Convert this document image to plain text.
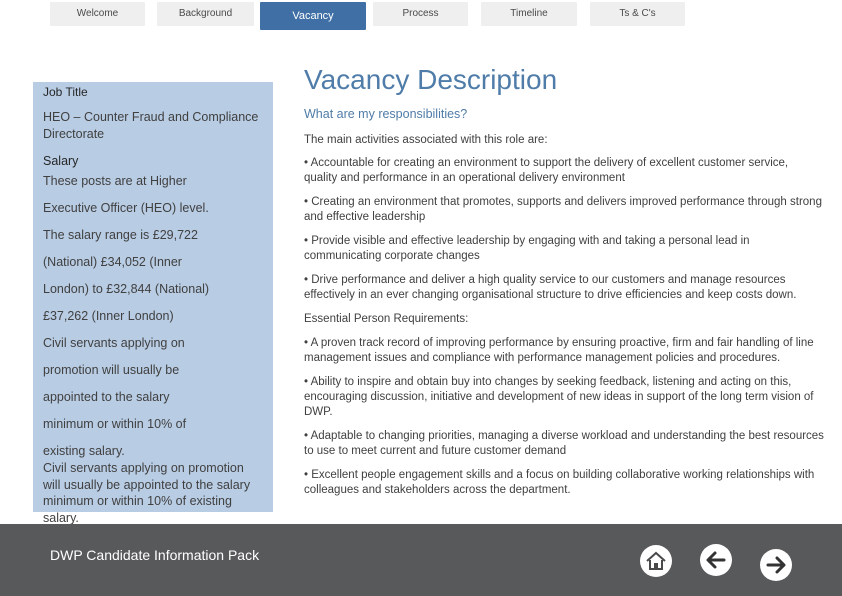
Welcome	Background	Vacancy	Process	Timeline	Ts & C's
Job Title
HEO – Counter Fraud and Compliance Directorate
Salary
These posts are at Higher
Executive Officer (HEO) level.
The salary range is £29,722
(National) £34,052 (Inner
London) to £32,844 (National)
£37,262 (Inner London)
Civil servants applying on
promotion will usually be
appointed to the salary
minimum or within 10% of
existing salary.
Civil servants applying on promotion will usually be appointed to the salary minimum or within 10% of existing salary.
Vacancy Description
What are my responsibilities?
The main activities associated with this role are:
• Accountable for creating an environment to support the delivery of excellent customer service, quality and performance in an operational delivery environment
• Creating an environment that promotes, supports and delivers improved performance through strong and effective leadership
• Provide visible and effective leadership by engaging with and taking a personal lead in communicating corporate changes
• Drive performance and deliver a high quality service to our customers and manage resources effectively in an ever changing organisational structure to drive efficiencies and keep costs down.
Essential Person Requirements:
• A proven track record of improving performance by ensuring proactive, firm and fair handling of line management issues and compliance with performance management policies and procedures.
• Ability to inspire and obtain buy into changes by seeking feedback, listening and acting on this, encouraging discussion, initiative and development of new ideas in support of the long term vision of DWP.
• Adaptable to changing priorities, managing a diverse workload and understanding the best resources to use to meet current and future customer demand
• Excellent people engagement skills and a focus on building collaborative working relationships with colleagues and stakeholders across the department.
DWP Candidate Information Pack
